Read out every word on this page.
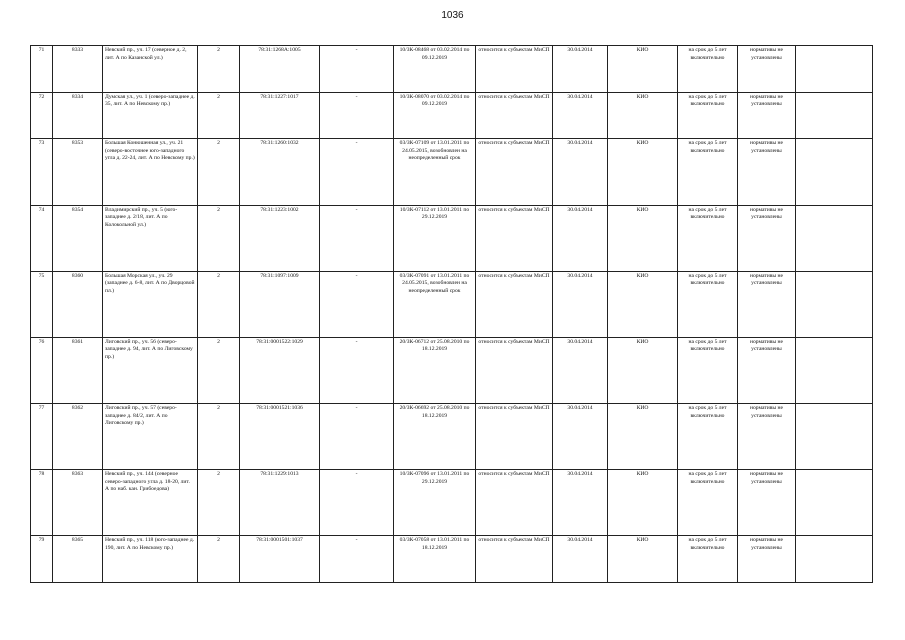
1036
71	8333	Невский пр., уч. 17 (северное д. 2, лит. А по Казанской ул.)	2	78:31:1268А:1005	-	10/ЗК-08468 от 03.02.2014 по 09.12.2019	относится к субъектам МиСП	30.04.2014	КИО	на срок до 5 лет включительно	нормативы не установлены	
72	8334	Думская ул., уч. 1 (северо-западнее д. 35, лит. А по Невскому пр.)	2	78:31:1227:1017	-	10/ЗК-08070 от 03.02.2014 по 09.12.2019	относится к субъектам МиСП	30.04.2014	КИО	на срок до 5 лет включительно	нормативы не установлены	
73	8353	Большая Конюшенная ул., уч. 21 (северо-восточнее юго-западного угла д. 22-24, лит. А по Невскому пр.)	2	78:31:1260:1032	-	03/ЗК-07109 от 13.01.2011 по 24.05.2015, возобновлен на неопределенный срок	относится к субъектам МиСП	30.04.2014	КИО	на срок до 5 лет включительно	нормативы не установлены	
74	8354	Владимирский пр., уч. 5 (юго-западнее д. 2/18, лит. А по Колокольной ул.)	2	78:31:1223:1002	-	10/ЗК-07112 от 13.01.2011 по 29.12.2019	относится к субъектам МиСП	30.04.2014	КИО	на срок до 5 лет включительно	нормативы не установлены	
75	8360	Большая Морская ул., уч. 29 (западнее д. 6-8, лит. А по Дворцовой пл.)	2	78:31:1097:1009	-	03/ЗК-07091 от 13.01.2011 по 24.05.2015, возобновлен на неопределенный срок	относится к субъектам МиСП	30.04.2014	КИО	на срок до 5 лет включительно	нормативы не установлены	
76	8361	Лиговский пр., уч. 56 (северо-западнее д. 94, лит. А по Лиговскому пр.)	2	78:31:0001522:1029	-	20/ЗК-06712 от 25.08.2010 по 18.12.2019	относится к субъектам МиСП	30.04.2014	КИО	на срок до 5 лет включительно	нормативы не установлены	
77	8362	Лиговский пр., уч. 57 (северо-западнее д. 84/2, лит. А по Лиговскому пр.)	2	78:31:0001521:1036	-	20/ЗК-06692 от 25.08.2010 по 18.12.2019	относится к субъектам МиСП	30.04.2014	КИО	на срок до 5 лет включительно	нормативы не установлены	
78	8363	Невский пр., уч. 144 (северное северо-западного угла д. 18-20, лит. А по наб. кан. Грибоедова)	2	78:31:1229:1013	-	10/ЗК-07096 от 13.01.2011 по 29.12.2019	относится к субъектам МиСП	30.04.2014	КИО	на срок до 5 лет включительно	нормативы не установлены	
79	8365	Невский пр., уч. 118 (юго-западнее д. 190, лит. А по Невскому пр.)	2	78:31:0001501:1037	-	03/ЗК-07058 от 13.01.2011 по 18.12.2019	относится к субъектам МиСП	30.04.2014	КИО	на срок до 5 лет включительно	нормативы не установлены	
